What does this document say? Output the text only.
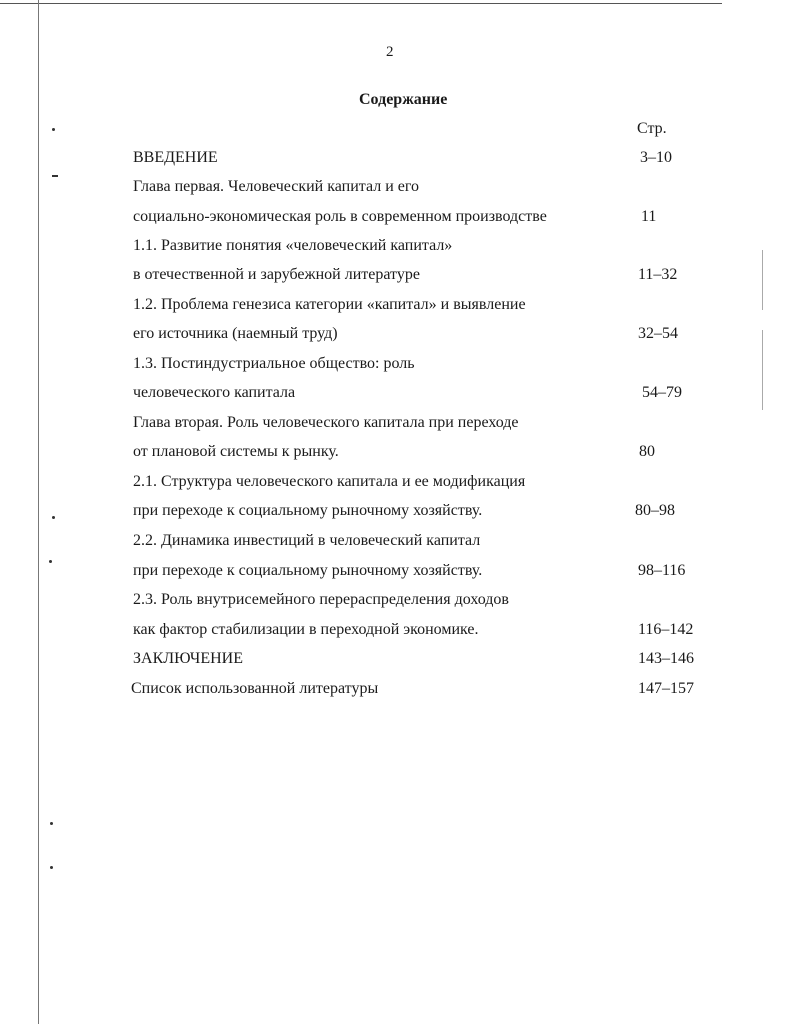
2
Содержание
Стр.
ВВЕДЕНИЕ	3–10
Глава первая. Человеческий капитал и его
социально-экономическая роль в современном производстве	11
1.1. Развитие понятия «человеческий капитал»
в отечественной и зарубежной литературе	11–32
1.2. Проблема генезиса категории «капитал» и выявление
его источника (наемный труд)	32–54
1.3. Постиндустриальное общество: роль
человеческого капитала	54–79
Глава вторая. Роль человеческого капитала при переходе
от плановой системы к рынку.	80
2.1. Структура человеческого капитала и ее модификация
при переходе к социальному рыночному хозяйству.	80–98
2.2. Динамика инвестиций в человеческий капитал
при переходе к социальному рыночному хозяйству.	98–116
2.3. Роль внутрисемейного перераспределения доходов
как фактор стабилизации в переходной экономике.	116–142
ЗАКЛЮЧЕНИЕ	143–146
Список использованной литературы	147–157
